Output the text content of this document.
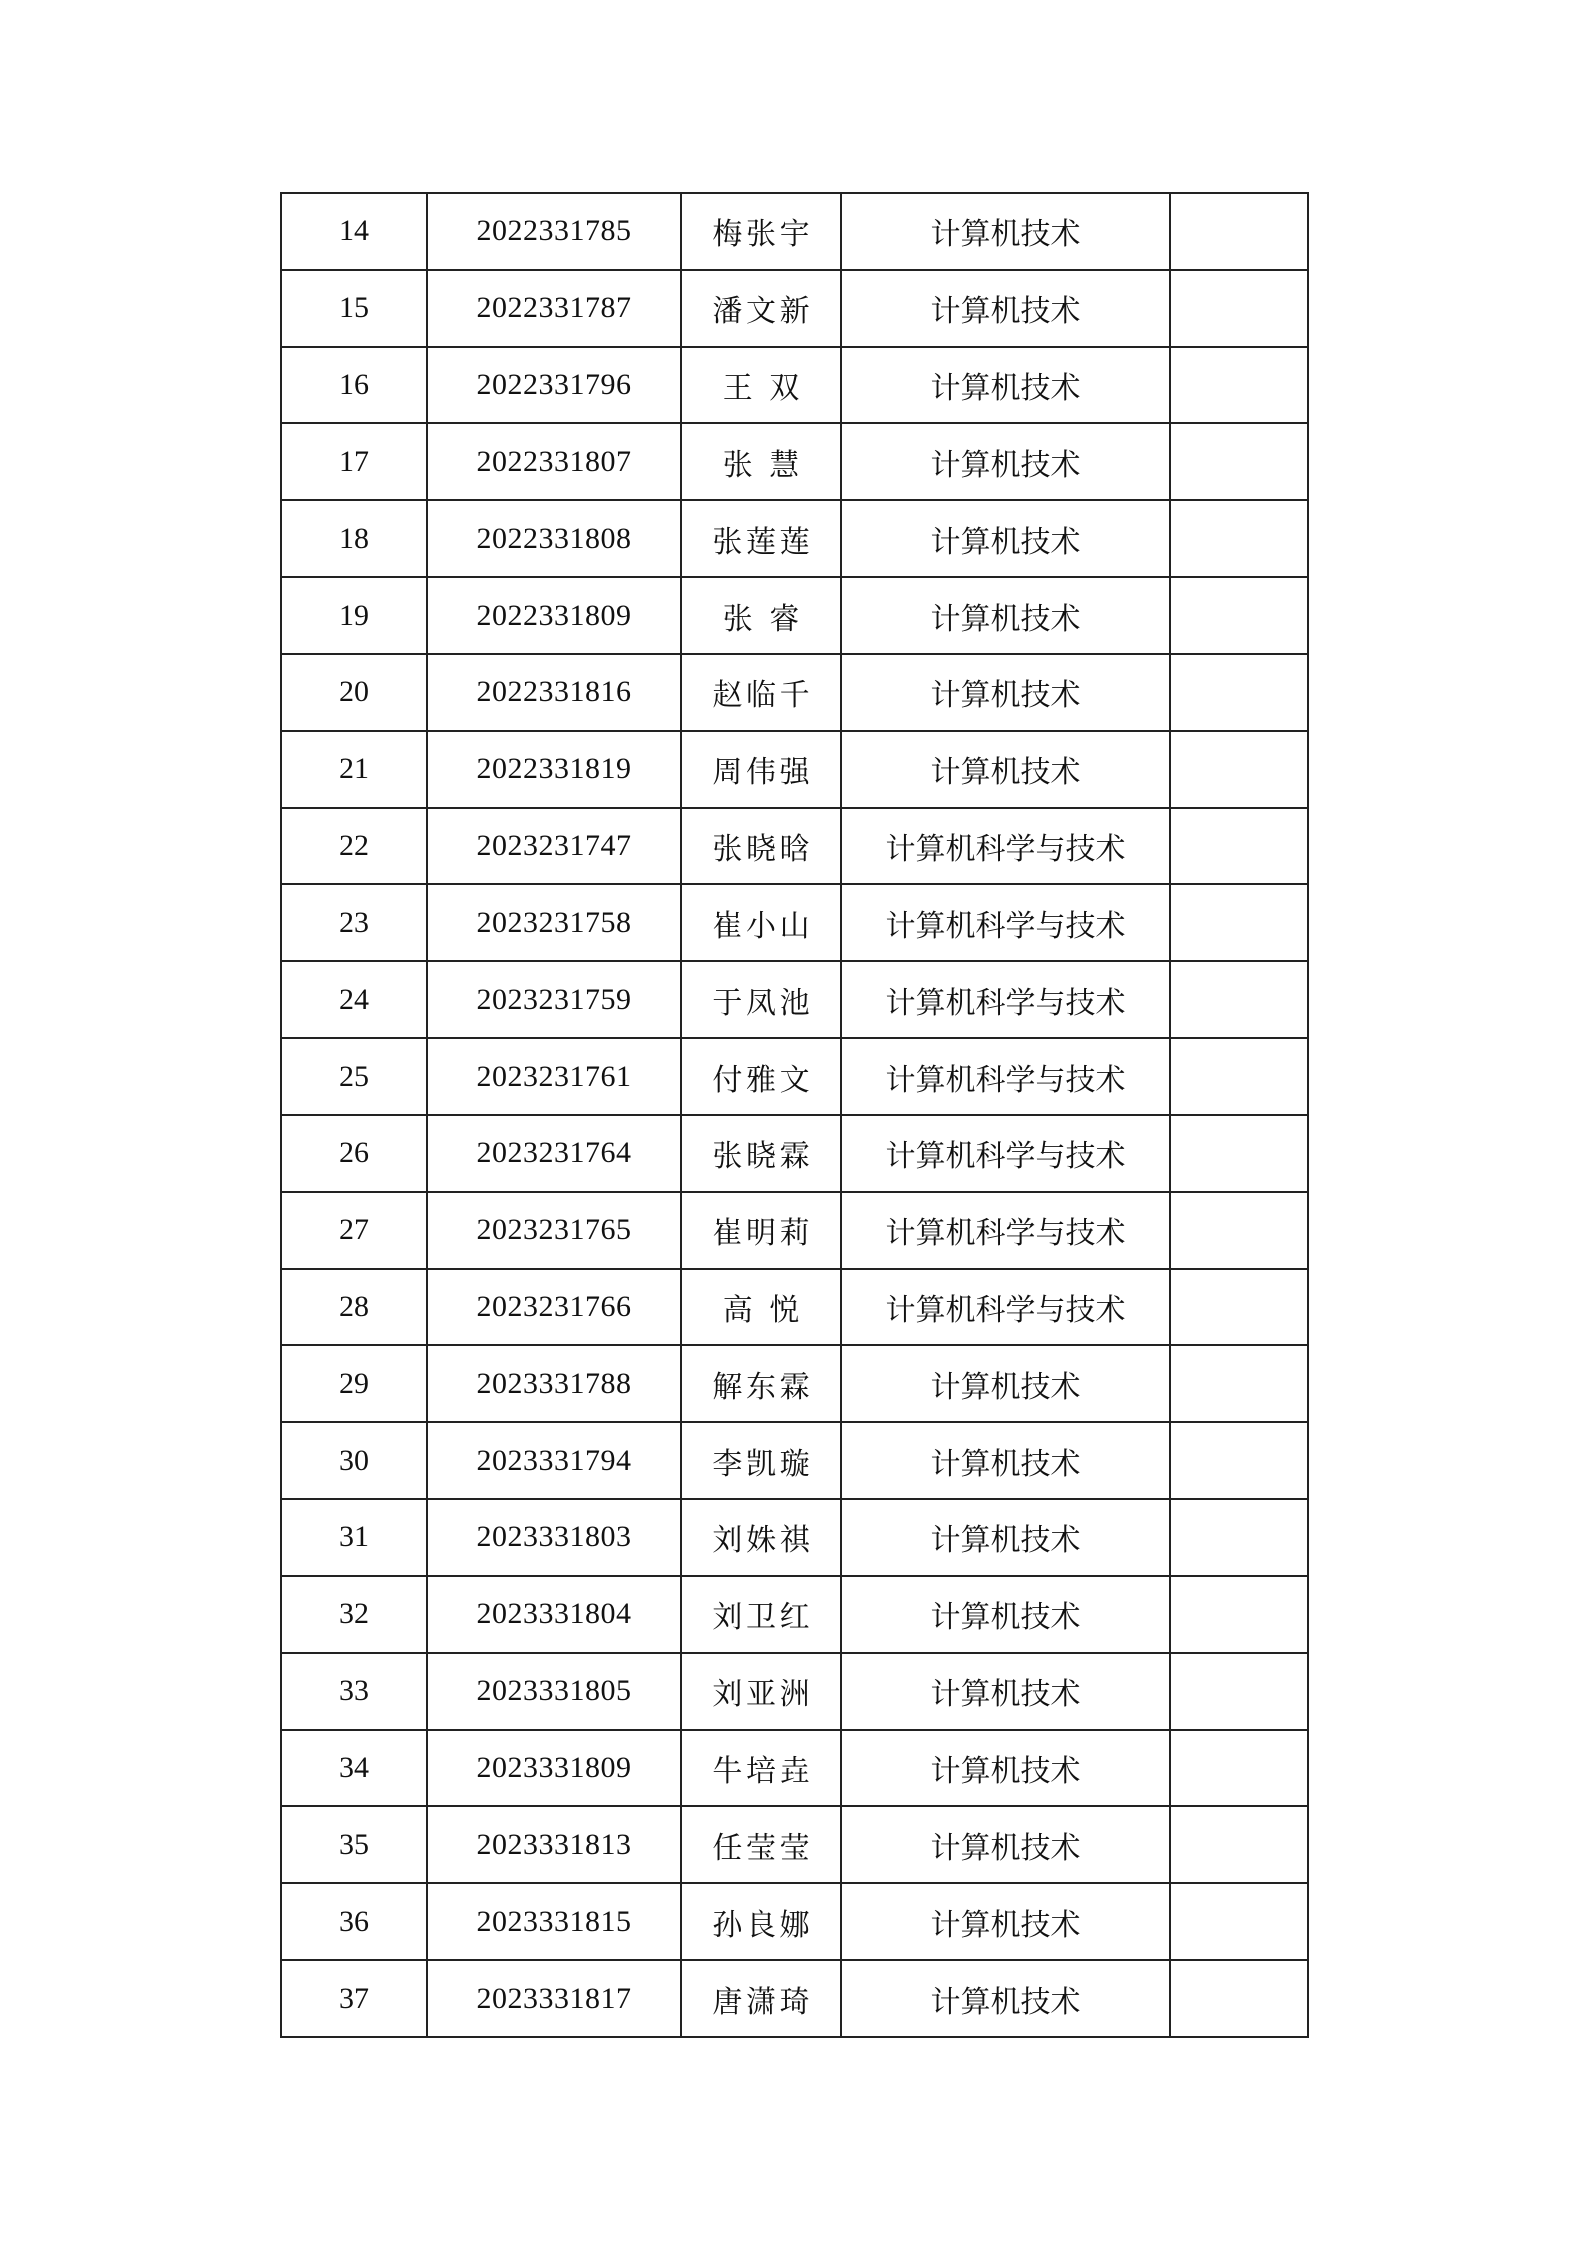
14	2022331785	梅张宇	计算机技术	
15	2022331787	潘文新	计算机技术	
16	2022331796	王双	计算机技术	
17	2022331807	张慧	计算机技术	
18	2022331808	张莲莲	计算机技术	
19	2022331809	张睿	计算机技术	
20	2022331816	赵临千	计算机技术	
21	2022331819	周伟强	计算机技术	
22	2023231747	张晓晗	计算机科学与技术	
23	2023231758	崔小山	计算机科学与技术	
24	2023231759	于凤池	计算机科学与技术	
25	2023231761	付雅文	计算机科学与技术	
26	2023231764	张晓霖	计算机科学与技术	
27	2023231765	崔明莉	计算机科学与技术	
28	2023231766	高悦	计算机科学与技术	
29	2023331788	解东霖	计算机技术	
30	2023331794	李凯璇	计算机技术	
31	2023331803	刘姝祺	计算机技术	
32	2023331804	刘卫红	计算机技术	
33	2023331805	刘亚洲	计算机技术	
34	2023331809	牛培垚	计算机技术	
35	2023331813	任莹莹	计算机技术	
36	2023331815	孙良娜	计算机技术	
37	2023331817	唐潇琦	计算机技术	
